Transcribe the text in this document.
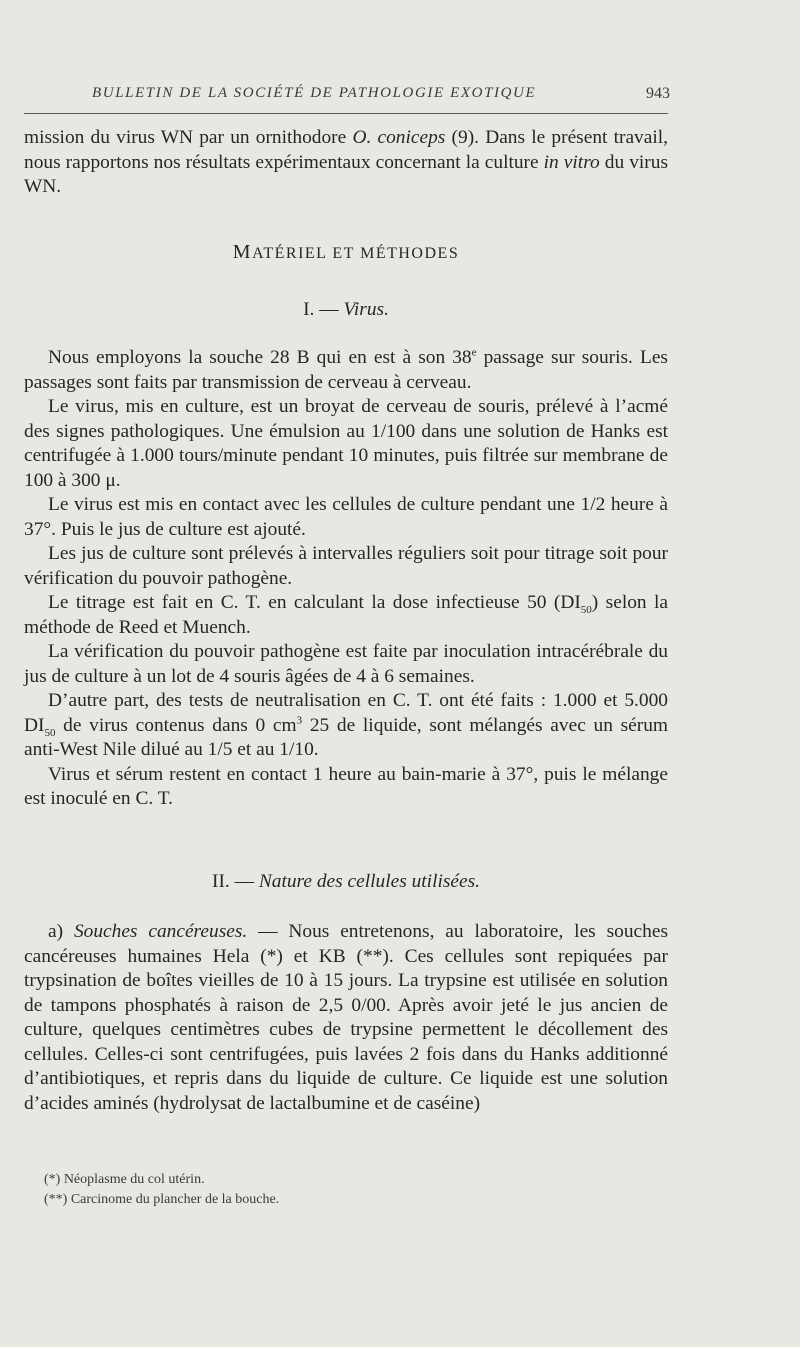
BULLETIN DE LA SOCIÉTÉ DE PATHOLOGIE EXOTIQUE	943

mission du virus WN par un ornithodore O. coniceps (9). Dans le présent travail, nous rapportons nos résultats expérimentaux concernant la culture in vitro du virus WN.

MATÉRIEL ET MÉTHODES
I. — Virus.

Nous employons la souche 28 B qui en est à son 38e passage sur souris. Les passages sont faits par transmission de cerveau à cerveau.

Le virus, mis en culture, est un broyat de cerveau de souris, prélevé à l’acmé des signes pathologiques. Une émulsion au 1/100 dans une solution de Hanks est centrifugée à 1.000 tours/minute pendant 10 minutes, puis filtrée sur membrane de 100 à 300 μ.

Le virus est mis en contact avec les cellules de culture pendant une 1/2 heure à 37°. Puis le jus de culture est ajouté.

Les jus de culture sont prélevés à intervalles réguliers soit pour titrage soit pour vérification du pouvoir pathogène.

Le titrage est fait en C. T. en calculant la dose infectieuse 50 $(DI_{50})$ selon la méthode de Reed et Muench.

La vérification du pouvoir pathogène est faite par inoculation intracérébrale du jus de culture à un lot de 4 souris âgées de 4 à 6 semaines.

D’autre part, des tests de neutralisation en C. T. ont été faits : 1.000 et 5.000 $DI_{50}$ de virus contenus dans 0 $cm^3$ 25 de liquide, sont mélangés avec un sérum anti-West Nile dilué au 1/5 et au 1/10.

Virus et sérum restent en contact 1 heure au bain-marie à 37°, puis le mélange est inoculé en C. T.

II. — Nature des cellules utilisées.

a) Souches cancéreuses. — Nous entretenons, au laboratoire, les souches cancéreuses humaines Hela (*) et KB (**). Ces cellules sont repiquées par trypsination de boîtes vieilles de 10 à 15 jours. La trypsine est utilisée en solution de tampons phosphatés à raison de 2,5 0/00. Après avoir jeté le jus ancien de culture, quelques centimètres cubes de trypsine permettent le décollement des cellules. Celles-ci sont centrifugées, puis lavées 2 fois dans du Hanks additionné d’antibiotiques, et repris dans du liquide de culture. Ce liquide est une solution d’acides aminés (hydrolysat de lactalbumine et de caséine)

(*) Néoplasme du col utérin.
(**) Carcinome du plancher de la bouche.
